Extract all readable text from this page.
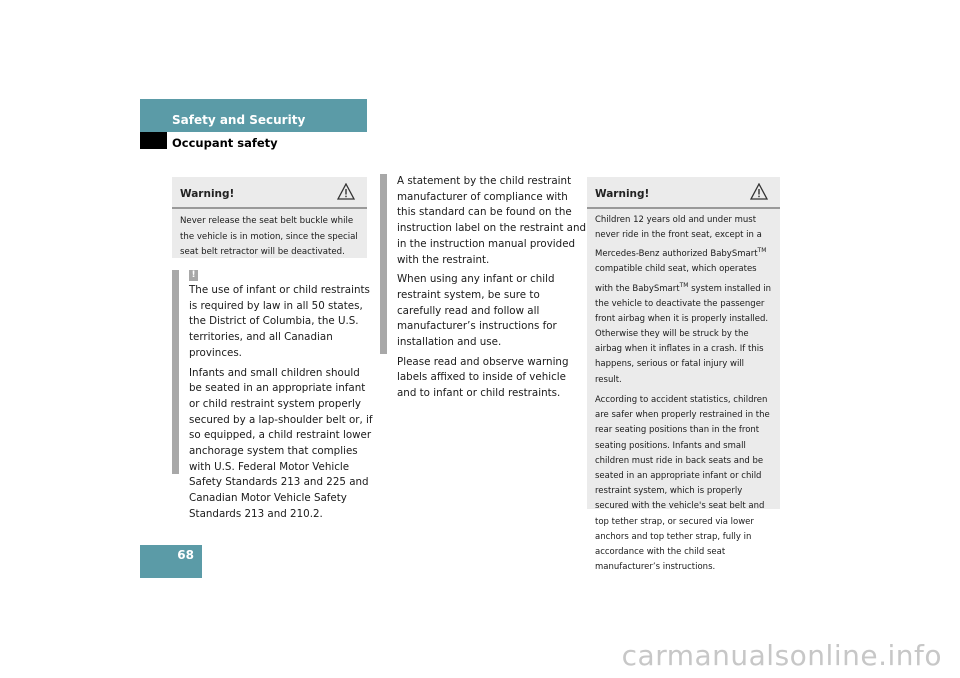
Safety and Security
Occupant safety
Warning!

Never release the seat belt buckle while the vehicle is in motion, since the special seat belt retractor will be deactivated.

!

The use of infant or child restraints is required by law in all 50 states, the District of Columbia, the U.S. territories, and all Canadian provinces.

Infants and small children should be seated in an appropriate infant or child restraint system properly secured by a lap-shoulder belt or, if so equipped, a child restraint lower anchorage system that complies with U.S. Federal Motor Vehicle Safety Standards 213 and 225 and Canadian Motor Vehicle Safety Standards 213 and 210.2.

A statement by the child restraint manufacturer of compliance with this standard can be found on the instruction label on the restraint and in the instruction manual provided with the restraint.

When using any infant or child restraint system, be sure to carefully read and follow all manufacturer’s instructions for installation and use.

Please read and observe warning labels affixed to inside of vehicle and to infant or child restraints.

Warning!

Children 12 years old and under must never ride in the front seat, except in a Mercedes-Benz authorized BabySmart™ compatible child seat, which operates with the BabySmart™ system installed in the vehicle to deactivate the passenger front airbag when it is properly installed. Otherwise they will be struck by the airbag when it inflates in a crash. If this happens, serious or fatal injury will result.

According to accident statistics, children are safer when properly restrained in the rear seating positions than in the front seating positions. Infants and small children must ride in back seats and be seated in an appropriate infant or child restraint system, which is properly secured with the vehicle's seat belt and top tether strap, or secured via lower anchors and top tether strap, fully in accordance with the child seat manufacturer’s instructions.

68
carmanualsonline.info
